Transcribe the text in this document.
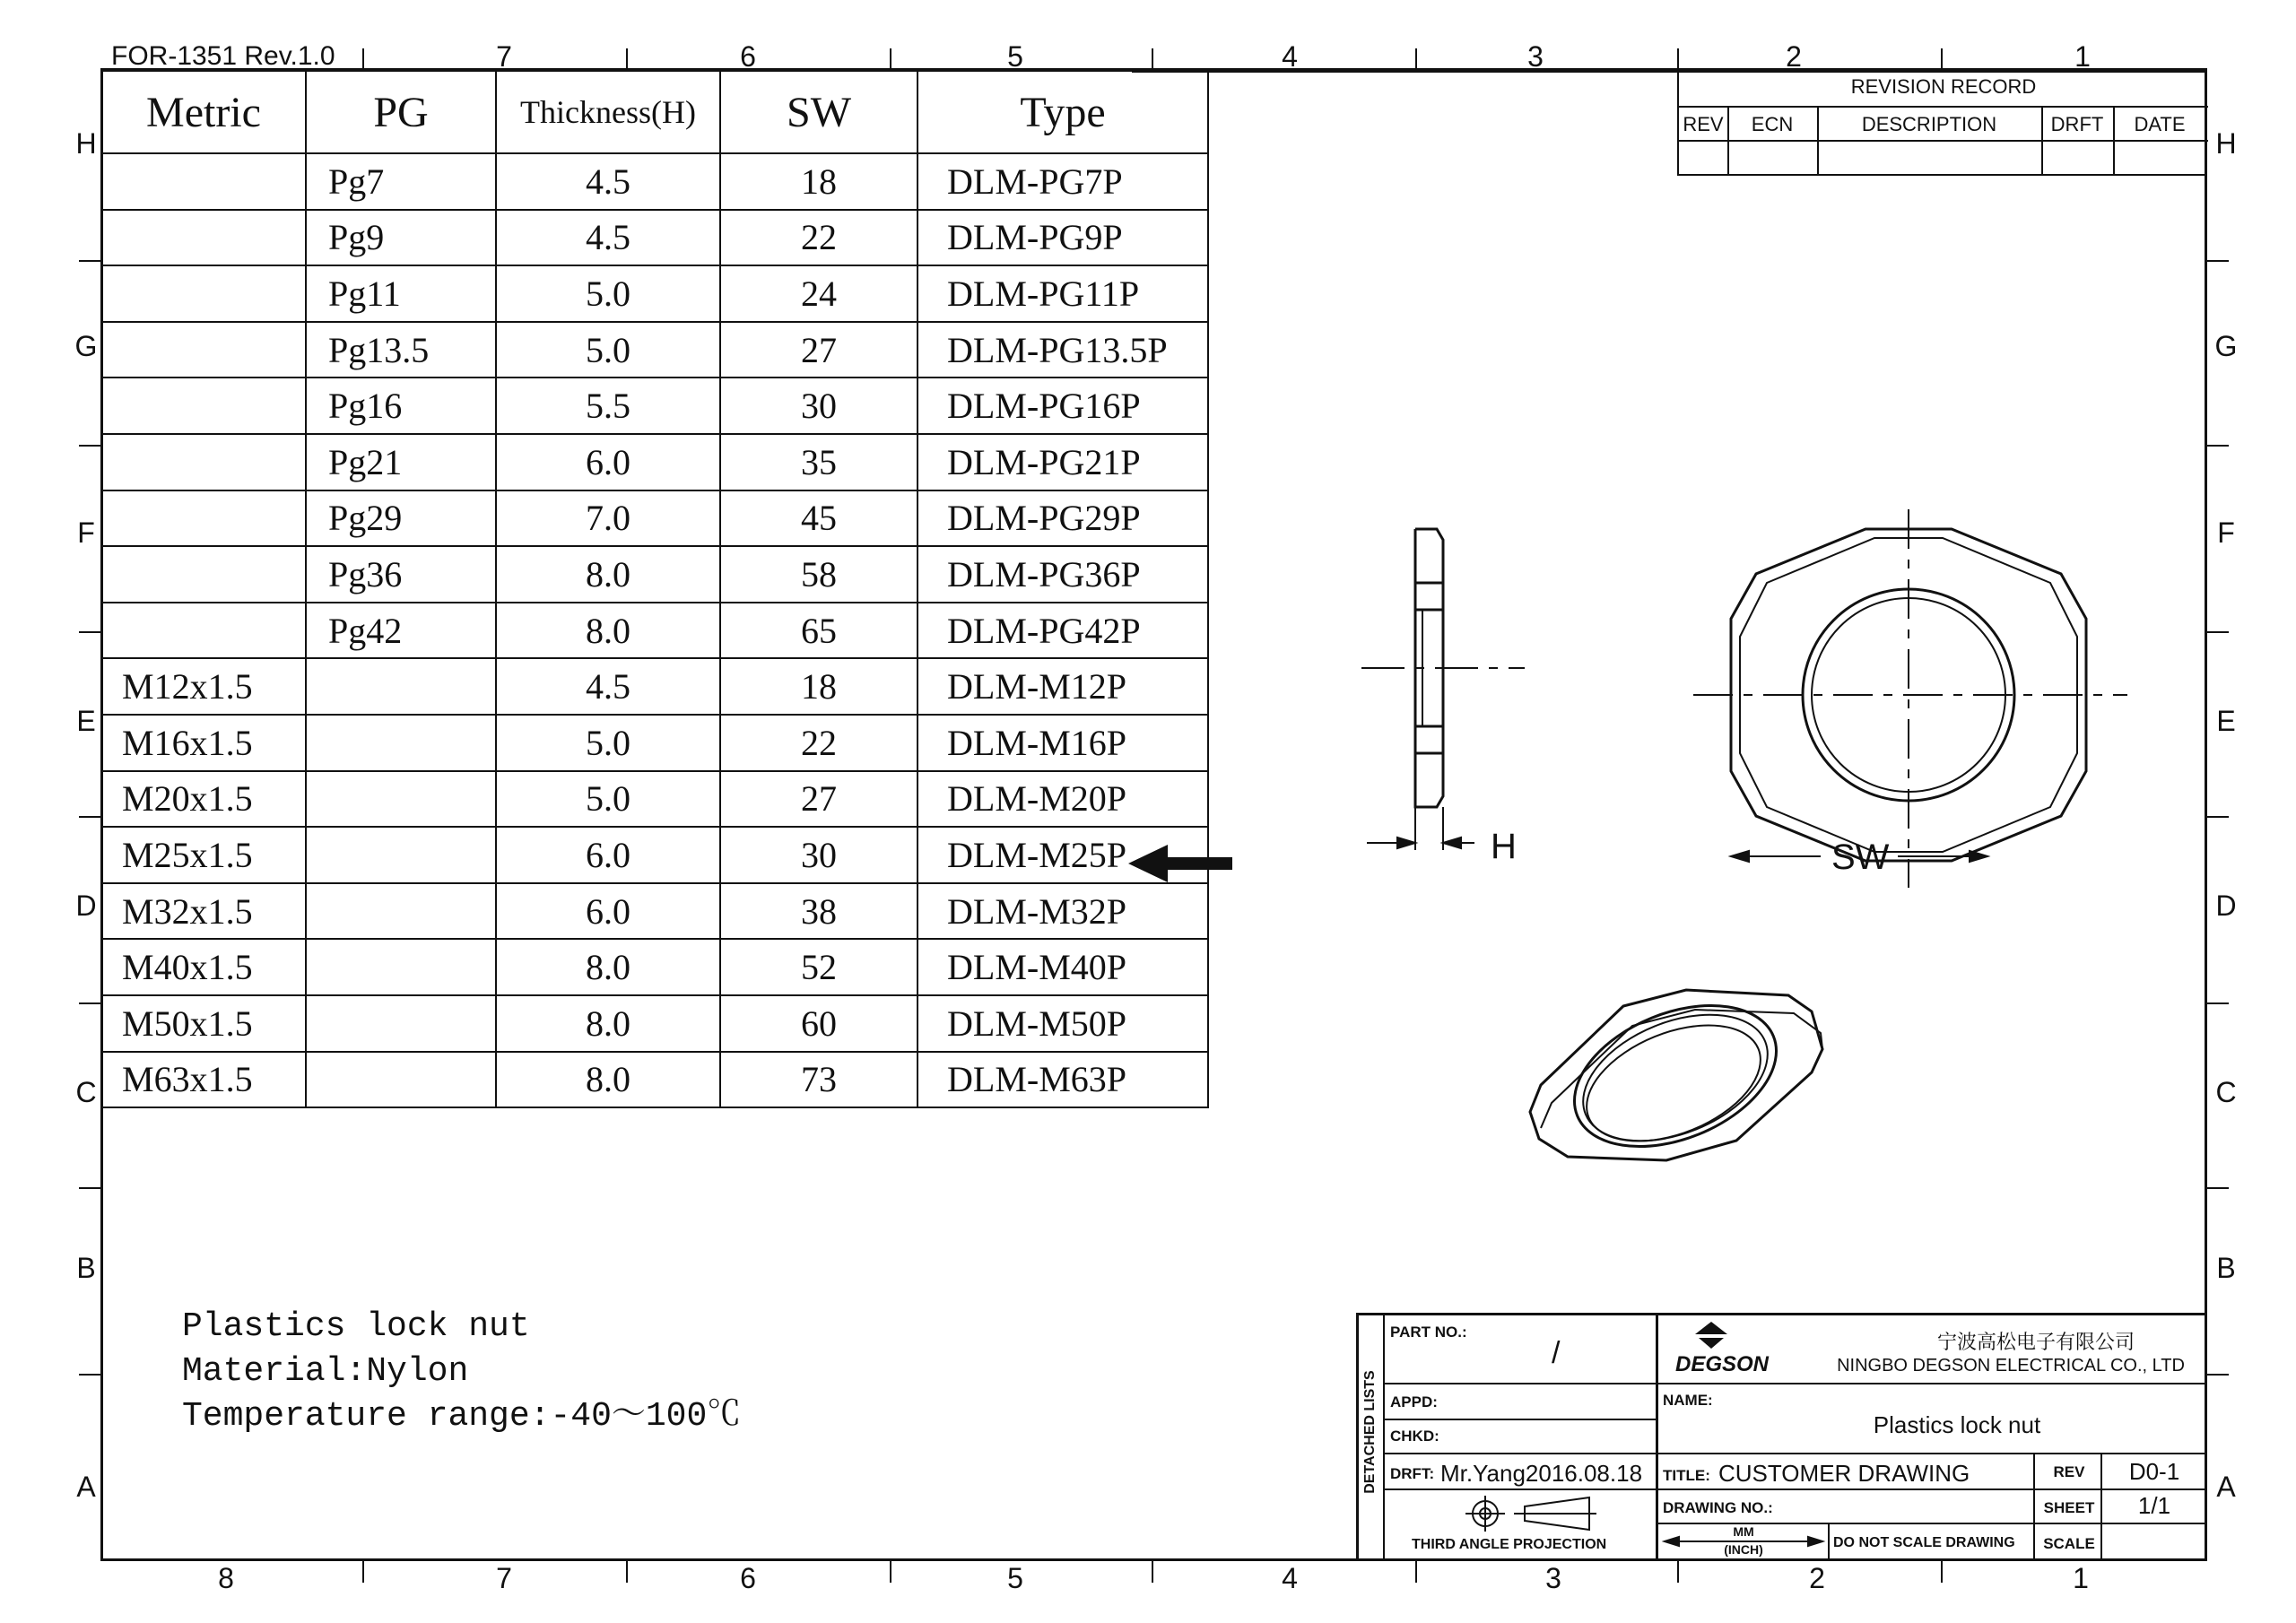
FOR-1351 Rev.1.0	7	6	5	4	3	2	1
8	7	6	5	4	3	2	1
H
G
F
E
D
C
B
A
H
G
F
E
D
C
B
A
REVISION RECORD
REV	ECN	DESCRIPTION	DRFT	DATE
Metric	PG	Thickness(H)	SW	Type
	Pg7	4.5	18	DLM-PG7P
	Pg9	4.5	22	DLM-PG9P
	Pg11	5.0	24	DLM-PG11P
	Pg13.5	5.0	27	DLM-PG13.5P
	Pg16	5.5	30	DLM-PG16P
	Pg21	6.0	35	DLM-PG21P
	Pg29	7.0	45	DLM-PG29P
	Pg36	8.0	58	DLM-PG36P
	Pg42	8.0	65	DLM-PG42P
M12x1.5		4.5	18	DLM-M12P
M16x1.5		5.0	22	DLM-M16P
M20x1.5		5.0	27	DLM-M20P
M25x1.5		6.0	30	DLM-M25P
M32x1.5		6.0	38	DLM-M32P
M40x1.5		8.0	52	DLM-M40P
M50x1.5		8.0	60	DLM-M50P
M63x1.5		8.0	73	DLM-M63P
H	SW
Plastics lock nut
Material:Nylon
Temperature range:-40～100℃	DETACHED LISTS
PART NO.:
/
APPD:
CHKD:
DRFT: Mr.Yang2016.08.18
THIRD ANGLE PROJECTION
DEGSON
宁波高松电子有限公司
NINGBO DEGSON ELECTRICAL CO., LTD
NAME:
Plastics lock nut
TITLE: CUSTOMER DRAWING	REV	D0-1
DRAWING NO.:	SHEET	1/1
MM
(INCH)	DO NOT SCALE DRAWING	SCALE
